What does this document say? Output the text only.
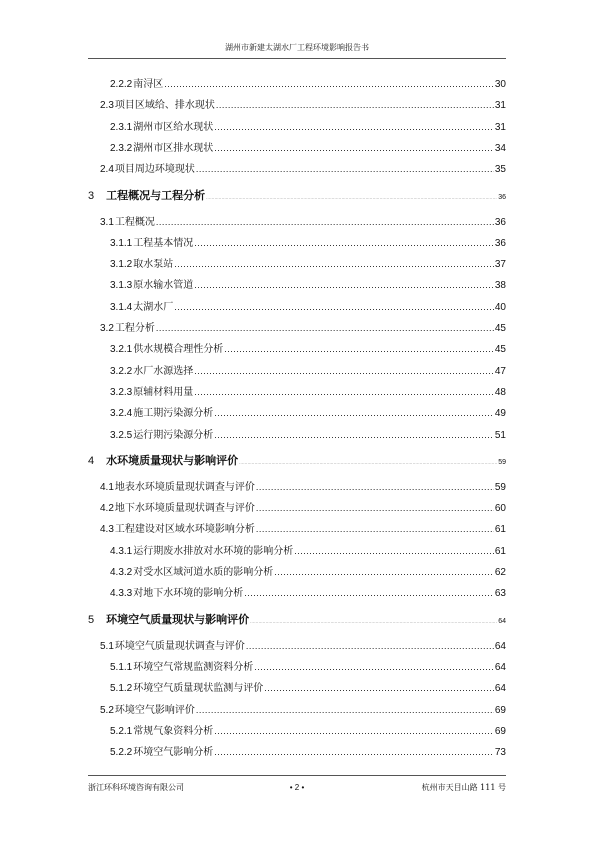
湖州市新建太湖水厂工程环境影响报告书
2.2.2 南浔区 .....	30
2.3 项目区域给、排水现状 .....	31
2.3.1 湖州市区给水现状 .....	31
2.3.2 湖州市区排水现状 .....	34
2.4 项目周边环境现状 .....	35
3 工程概况与工程分析 .....	36
3.1 工程概况 .....	36
3.1.1 工程基本情况 .....	36
3.1.2 取水泵站 .....	37
3.1.3 原水输水管道 .....	38
3.1.4 太湖水厂 .....	40
3.2 工程分析 .....	45
3.2.1 供水规模合理性分析 .....	45
3.2.2 水厂水源选择 .....	47
3.2.3 原辅材料用量 .....	48
3.2.4 施工期污染源分析 .....	49
3.2.5 运行期污染源分析 .....	51
4 水环境质量现状与影响评价 .....	59
4.1 地表水环境质量现状调查与评价 .....	59
4.2 地下水环境质量现状调查与评价 .....	60
4.3 工程建设对区域水环境影响分析 .....	61
4.3.1 运行期废水排放对水环境的影响分析 .....	61
4.3.2 对受水区域河道水质的影响分析 .....	62
4.3.3 对地下水环境的影响分析 .....	63
5 环境空气质量现状与影响评价 .....	64
5.1 环境空气质量现状调查与评价 .....	64
5.1.1 环境空气常规监测资料分析 .....	64
5.1.2 环境空气质量现状监测与评价 .....	64
5.2 环境空气影响评价 .....	69
5.2.1 常规气象资料分析 .....	69
5.2.2 环境空气影响分析 .....	73
浙江环科环境咨询有限公司	• 2 •	杭州市天目山路 111 号
